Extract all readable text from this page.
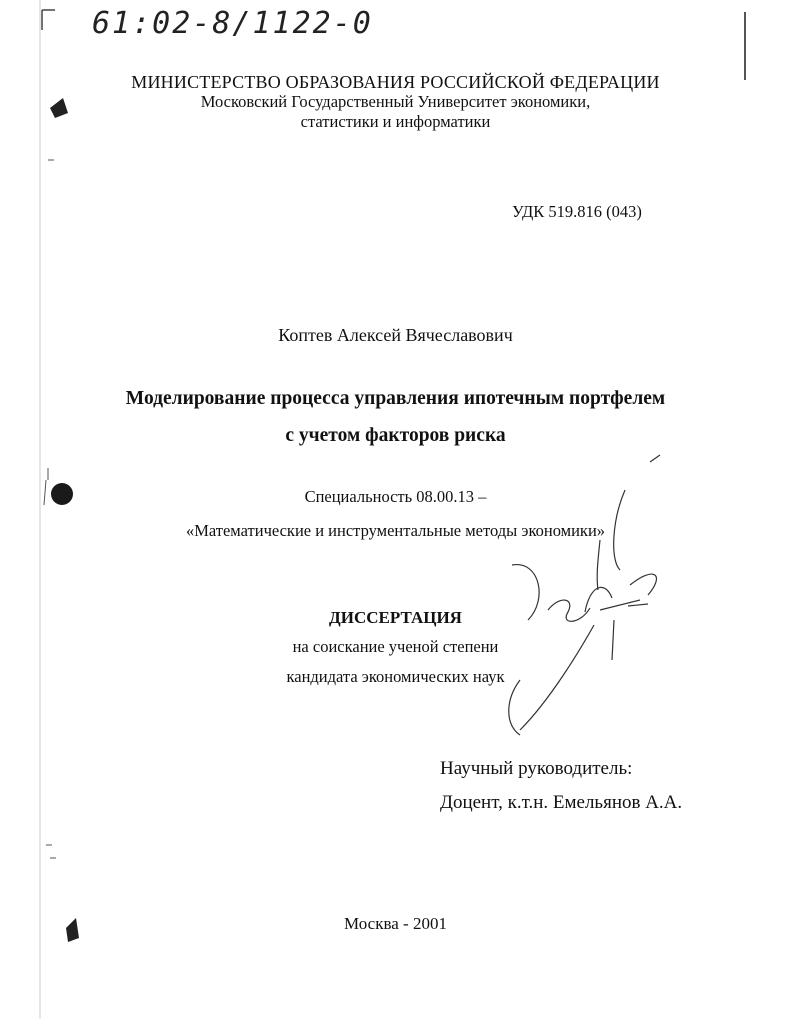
61:02-8/1122-0
МИНИСТЕРСТВО ОБРАЗОВАНИЯ РОССИЙСКОЙ ФЕДЕРАЦИИ
Московский Государственный Университет экономики,
статистики и информатики
УДК 519.816 (043)
Коптев Алексей Вячеславович
Моделирование процесса управления ипотечным портфелем
с учетом факторов риска
Специальность 08.00.13 –
«Математические и инструментальные методы экономики»
ДИССЕРТАЦИЯ
на соискание ученой степени
кандидата экономических наук
Научный руководитель:
Доцент, к.т.н. Емельянов А.А.
Москва - 2001
